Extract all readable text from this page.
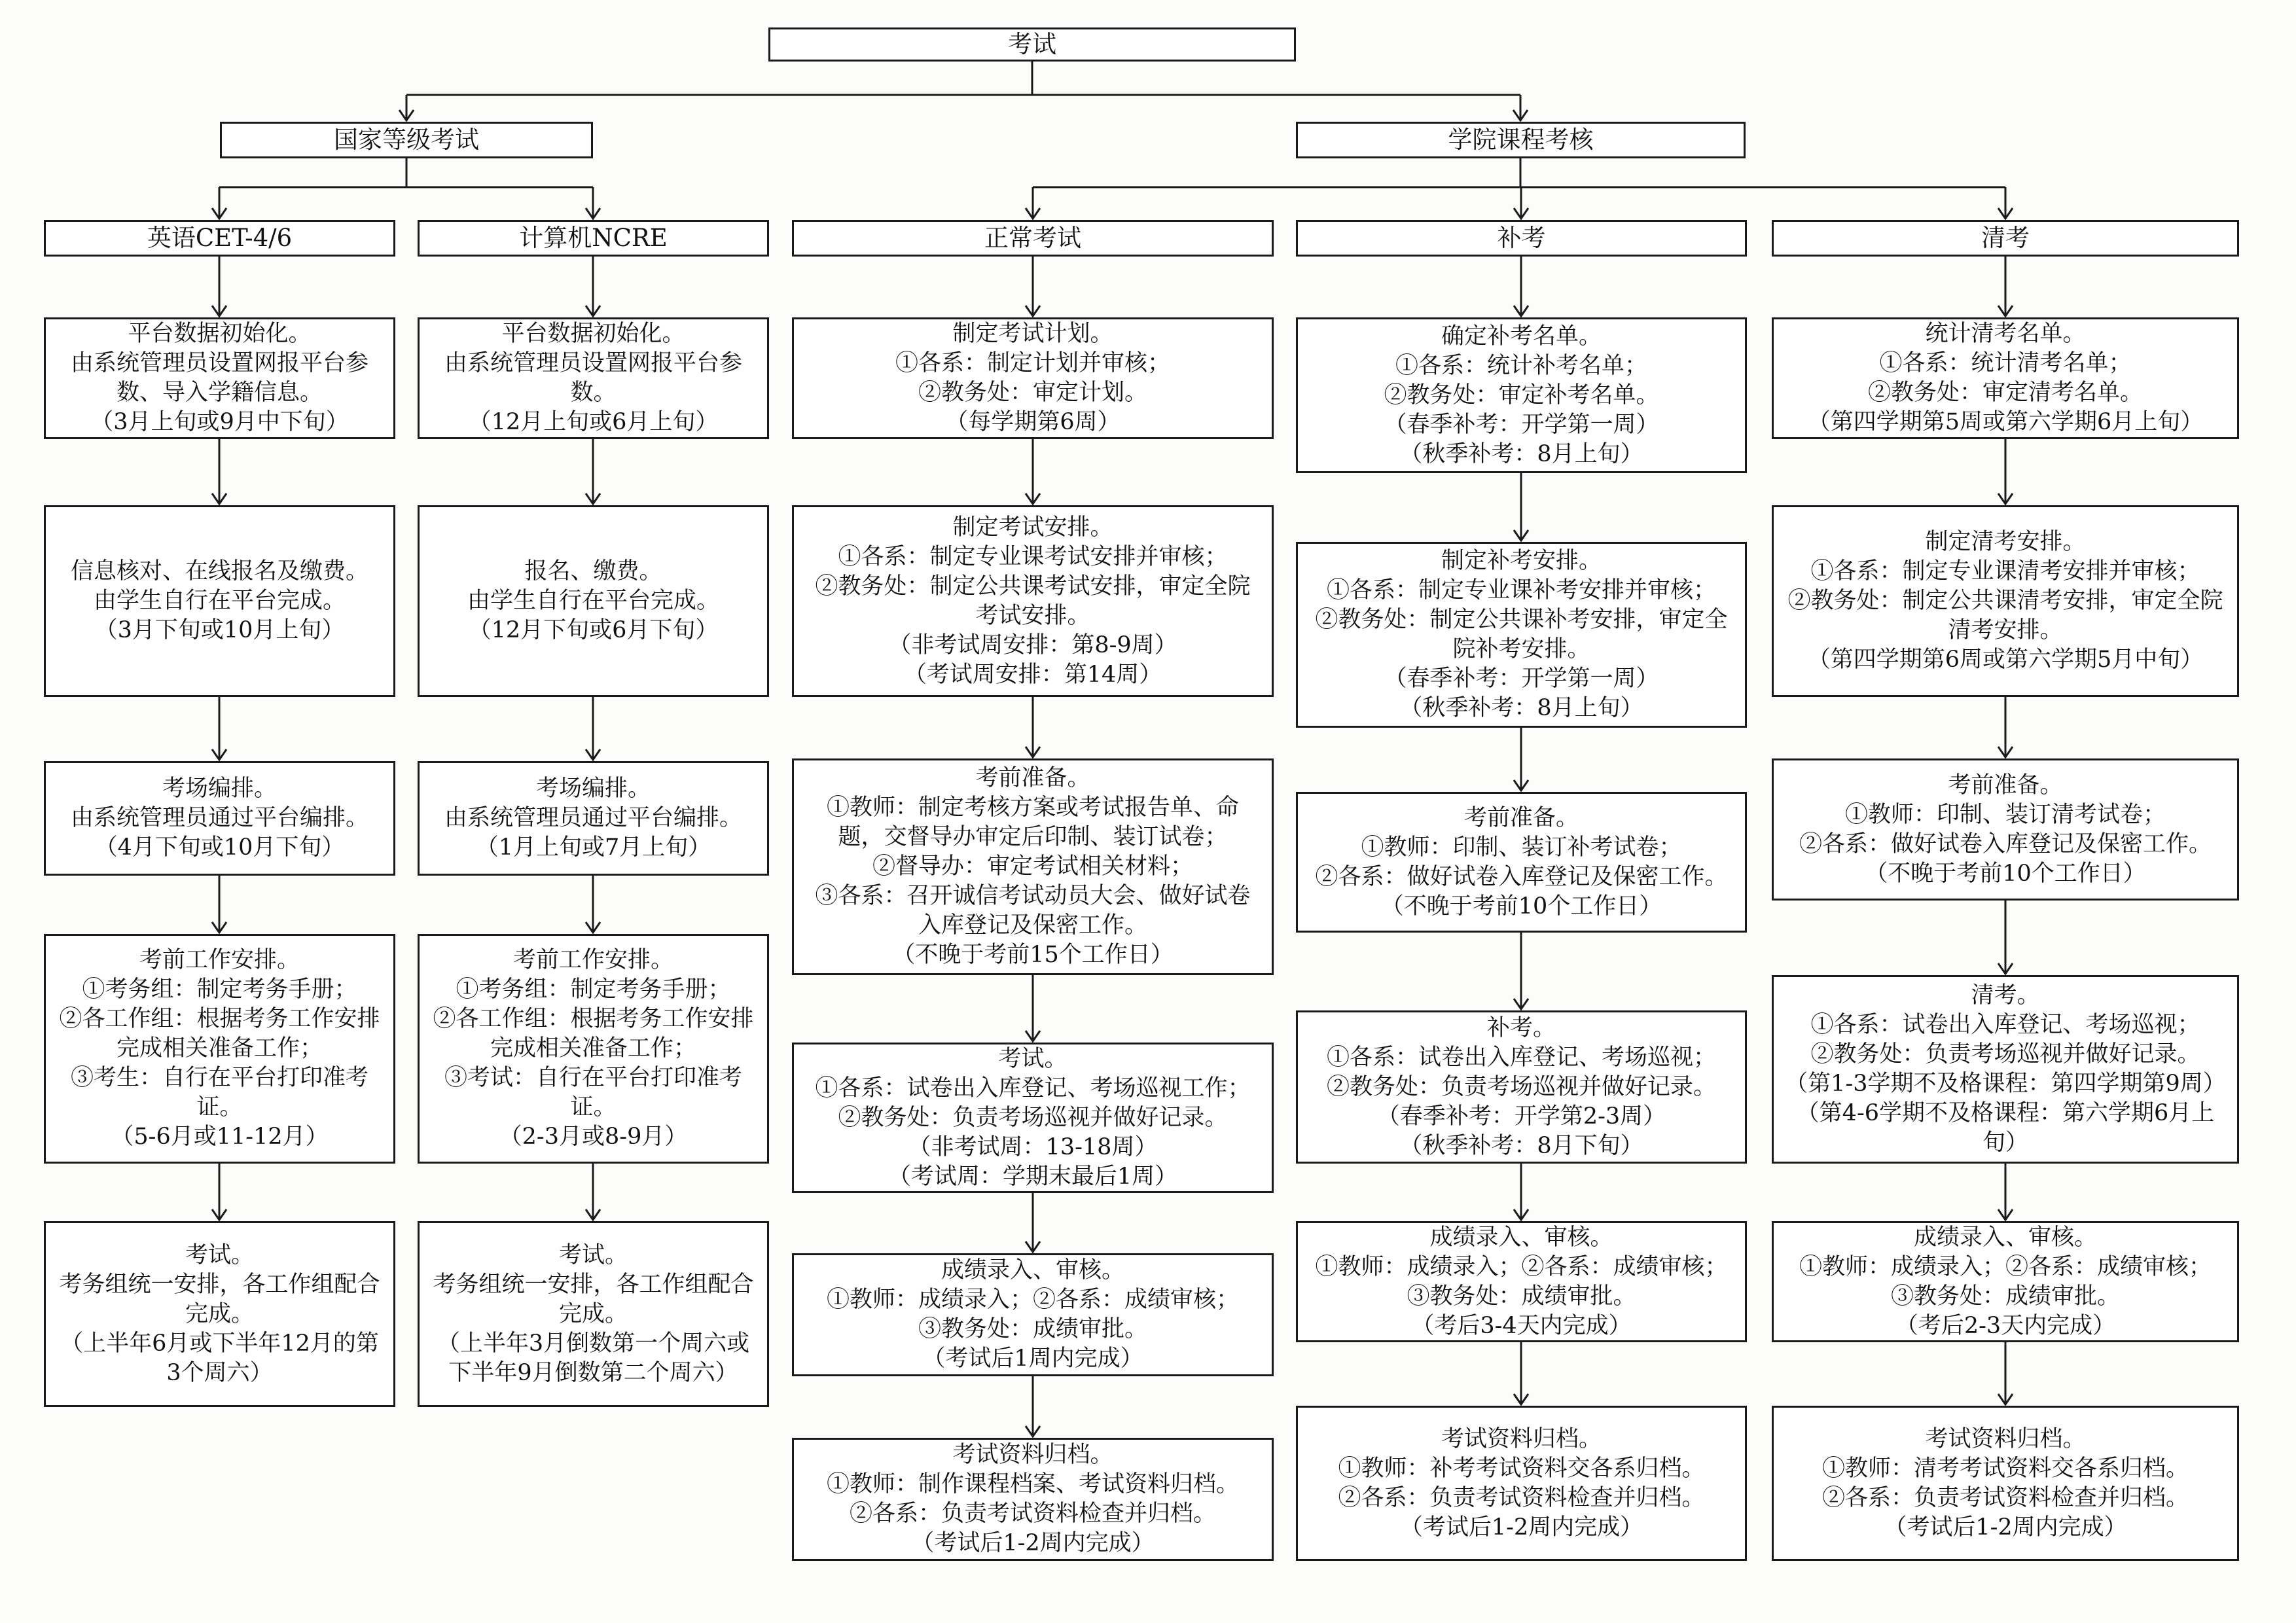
考试
国家等级考试	学院课程考核
英语CET-4/6	计算机NCRE	正常考试	补考	清考
平台数据初始化。
由系统管理员设置网报平台参数、导入学籍信息。
（3月上旬或9月中下旬）
信息核对、在线报名及缴费。
由学生自行在平台完成。
（3月下旬或10月上旬）
考场编排。
由系统管理员通过平台编排。
（4月下旬或10月下旬）
考前工作安排。
①考务组：制定考务手册；
②各工作组：根据考务工作安排完成相关准备工作；
③考生：自行在平台打印准考证。
（5-6月或11-12月）
考试。
考务组统一安排，各工作组配合完成。
（上半年6月或下半年12月的第3个周六）
平台数据初始化。
由系统管理员设置网报平台参数。
（12月上旬或6月上旬）
报名、缴费。
由学生自行在平台完成。
（12月下旬或6月下旬）
考场编排。
由系统管理员通过平台编排。
（1月上旬或7月上旬）
考前工作安排。
①考务组：制定考务手册；
②各工作组：根据考务工作安排完成相关准备工作；
③考试：自行在平台打印准考证。
（2-3月或8-9月）
考试。
考务组统一安排，各工作组配合完成。
（上半年3月倒数第一个周六或下半年9月倒数第二个周六）
制定考试计划。
①各系：制定计划并审核；
②教务处：审定计划。
（每学期第6周）
制定考试安排。
①各系：制定专业课考试安排并审核；
②教务处：制定公共课考试安排，审定全院考试安排。
（非考试周安排：第8-9周）
（考试周安排：第14周）
考前准备。
①教师：制定考核方案或考试报告单、命题，交督导办审定后印制、装订试卷；
②督导办：审定考试相关材料；
③各系：召开诚信考试动员大会、做好试卷入库登记及保密工作。
（不晚于考前15个工作日）
考试。
①各系：试卷出入库登记、考场巡视工作；
②教务处：负责考场巡视并做好记录。
（非考试周：13-18周）
（考试周：学期末最后1周）
成绩录入、审核。
①教师：成绩录入；②各系：成绩审核；
③教务处：成绩审批。
（考试后1周内完成）
考试资料归档。
①教师：制作课程档案、考试资料归档。
②各系：负责考试资料检查并归档。
（考试后1-2周内完成）
确定补考名单。
①各系：统计补考名单；
②教务处：审定补考名单。
（春季补考：开学第一周）
（秋季补考：8月上旬）
制定补考安排。
①各系：制定专业课补考安排并审核；
②教务处：制定公共课补考安排，审定全院补考安排。
（春季补考：开学第一周）
（秋季补考：8月上旬）
考前准备。
①教师：印制、装订补考试卷；
②各系：做好试卷入库登记及保密工作。
（不晚于考前10个工作日）
补考。
①各系：试卷出入库登记、考场巡视；
②教务处：负责考场巡视并做好记录。
（春季补考：开学第2-3周）
（秋季补考：8月下旬）
成绩录入、审核。
①教师：成绩录入；②各系：成绩审核；
③教务处：成绩审批。
（考后3-4天内完成）
考试资料归档。
①教师：补考考试资料交各系归档。
②各系：负责考试资料检查并归档。
（考试后1-2周内完成）
统计清考名单。
①各系：统计清考名单；
②教务处：审定清考名单。
（第四学期第5周或第六学期6月上旬）
制定清考安排。
①各系：制定专业课清考安排并审核；
②教务处：制定公共课清考安排，审定全院清考安排。
（第四学期第6周或第六学期5月中旬）
考前准备。
①教师：印制、装订清考试卷；
②各系：做好试卷入库登记及保密工作。
（不晚于考前10个工作日）
清考。
①各系：试卷出入库登记、考场巡视；
②教务处：负责考场巡视并做好记录。
（第1-3学期不及格课程：第四学期第9周）
（第4-6学期不及格课程：第六学期6月上旬）
成绩录入、审核。
①教师：成绩录入；②各系：成绩审核；
③教务处：成绩审批。
（考后2-3天内完成）
考试资料归档。
①教师：清考考试资料交各系归档。
②各系：负责考试资料检查并归档。
（考试后1-2周内完成）
